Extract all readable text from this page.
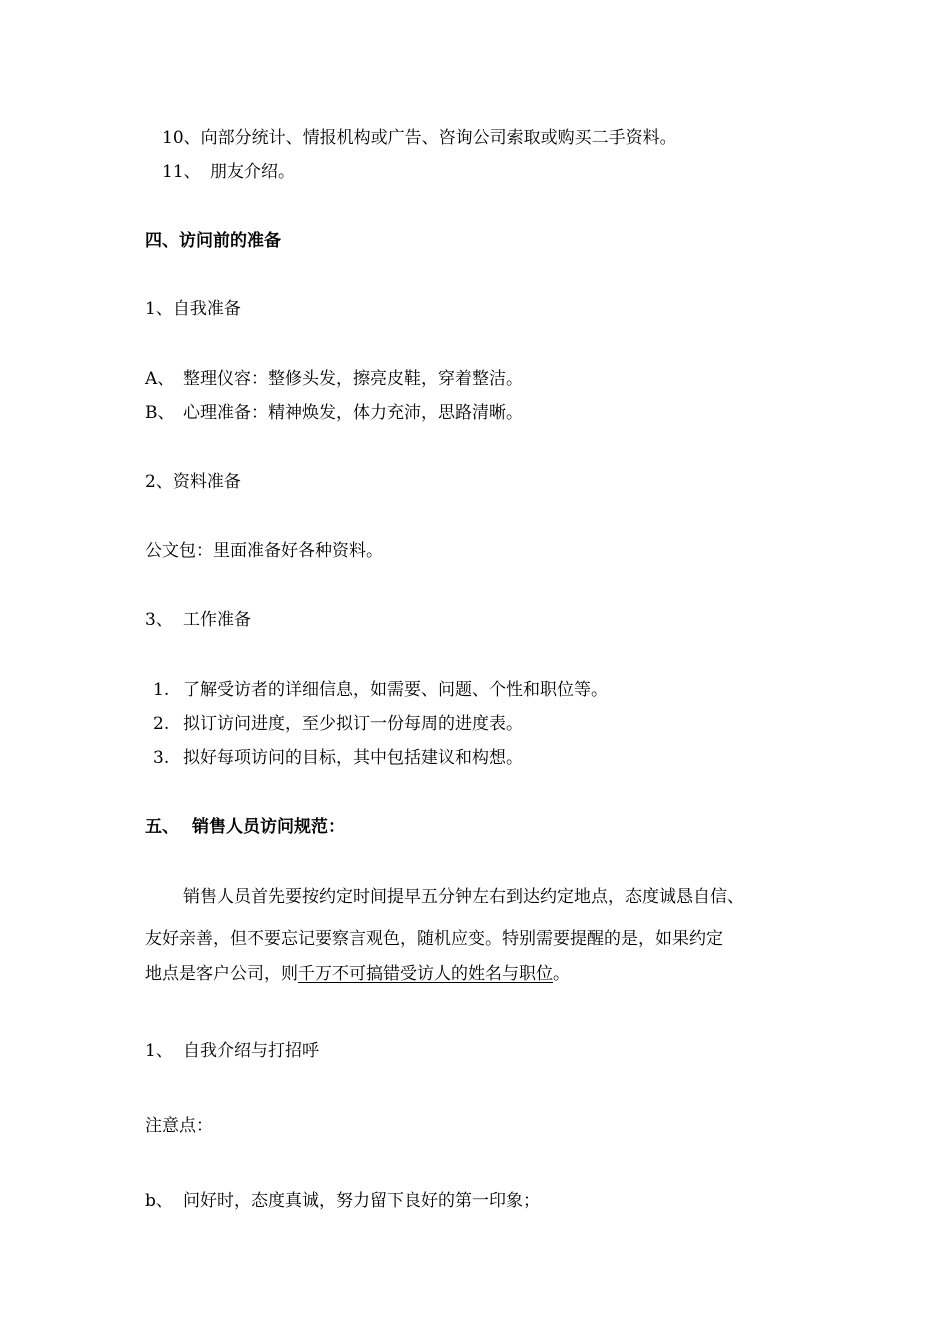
10、向部分统计、情报机构或广告、咨询公司索取或购买二手资料。
11、 朋友介绍。
四、访问前的准备
1、自我准备
A、 整理仪容：整修头发，擦亮皮鞋，穿着整洁。
B、 心理准备：精神焕发，体力充沛，思路清晰。
2、资料准备
公文包：里面准备好各种资料。
3、 工作准备
1. 了解受访者的详细信息，如需要、问题、个性和职位等。
2. 拟订访问进度，至少拟订一份每周的进度表。
3. 拟好每项访问的目标，其中包括建议和构想。
五、 销售人员访问规范：
销售人员首先要按约定时间提早五分钟左右到达约定地点，态度诚恳自信、
友好亲善，但不要忘记要察言观色，随机应变。特别需要提醒的是，如果约定
地点是客户公司，则千万不可搞错受访人的姓名与职位。
1、 自我介绍与打招呼
注意点：
b、 问好时，态度真诚，努力留下良好的第一印象；
